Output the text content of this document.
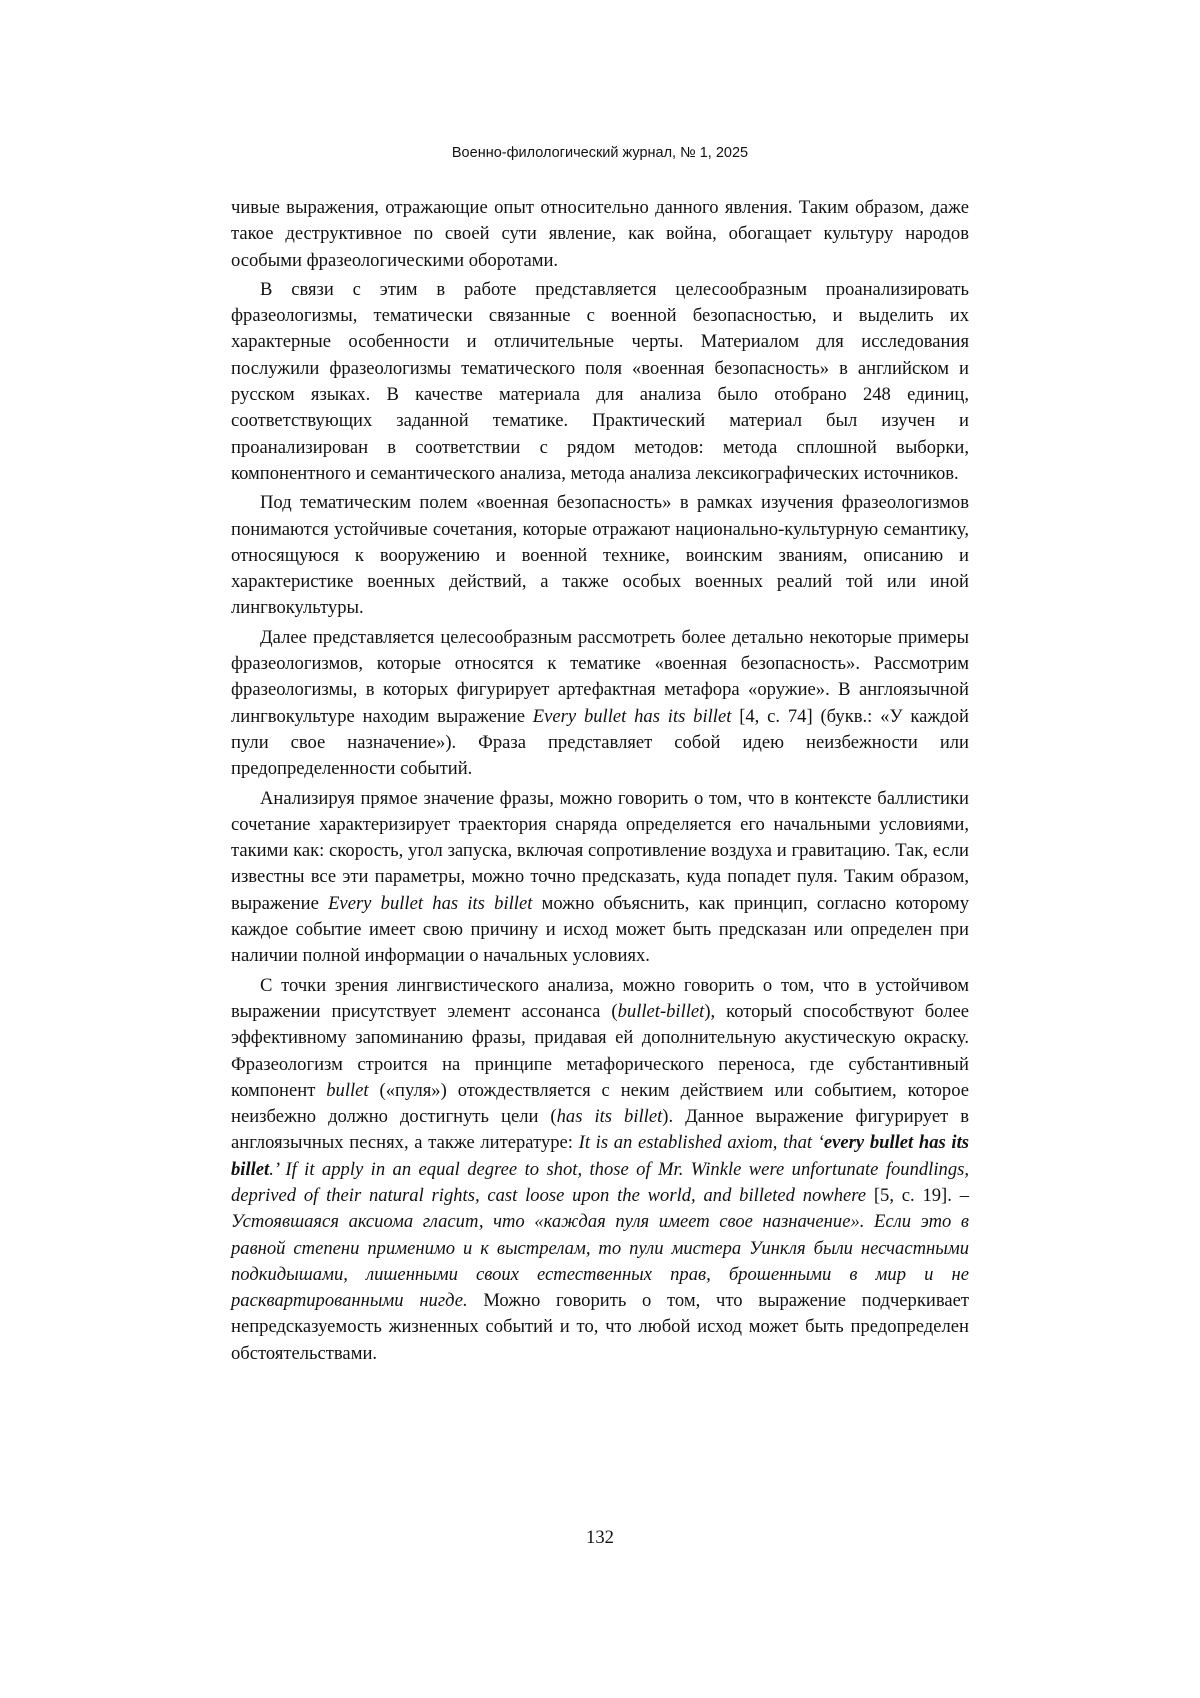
Военно-филологический журнал, № 1, 2025

чивые выражения, отражающие опыт относительно данного явления. Таким образом, даже такое деструктивное по своей сути явление, как война, обогащает культуру народов особыми фразеологическими оборотами.

В связи с этим в работе представляется целесообразным проанализировать фразеологизмы, тематически связанные с военной безопасностью, и выделить их характерные особенности и отличительные черты. Материалом для исследования послужили фразеологизмы тематического поля «военная безопасность» в английском и русском языках. В качестве материала для анализа было отобрано 248 единиц, соответствующих заданной тематике. Практический материал был изучен и проанализирован в соответствии с рядом методов: метода сплошной выборки, компонентного и семантического анализа, метода анализа лексикографических источников.

Под тематическим полем «военная безопасность» в рамках изучения фразеологизмов понимаются устойчивые сочетания, которые отражают национально-культурную семантику, относящуюся к вооружению и военной технике, воинским званиям, описанию и характеристике военных действий, а также особых военных реалий той или иной лингвокультуры.

Далее представляется целесообразным рассмотреть более детально некоторые примеры фразеологизмов, которые относятся к тематике «военная безопасность». Рассмотрим фразеологизмы, в которых фигурирует артефактная метафора «оружие». В англоязычной лингвокультуре находим выражение Every bullet has its billet [4, с. 74] (букв.: «У каждой пули свое назначение»). Фраза представляет собой идею неизбежности или предопределенности событий.

Анализируя прямое значение фразы, можно говорить о том, что в контексте баллистики сочетание характеризирует траектория снаряда определяется его начальными условиями, такими как: скорость, угол запуска, включая сопротивление воздуха и гравитацию. Так, если известны все эти параметры, можно точно предсказать, куда попадет пуля. Таким образом, выражение Every bullet has its billet можно объяснить, как принцип, согласно которому каждое событие имеет свою причину и исход может быть предсказан или определен при наличии полной информации о начальных условиях.

С точки зрения лингвистического анализа, можно говорить о том, что в устойчивом выражении присутствует элемент ассонанса (bullet-billet), который способствуют более эффективному запоминанию фразы, придавая ей дополнительную акустическую окраску. Фразеологизм строится на принципе метафорического переноса, где субстантивный компонент bullet («пуля») отождествляется с неким действием или событием, которое неизбежно должно достигнуть цели (has its billet). Данное выражение фигурирует в англоязычных песнях, а также литературе: It is an established axiom, that ‘every bullet has its billet.’ If it apply in an equal degree to shot, those of Mr. Winkle were unfortunate foundlings, deprived of their natural rights, cast loose upon the world, and billeted nowhere [5, с. 19]. – Устоявшаяся аксиома гласит, что «каждая пуля имеет свое назначение». Если это в равной степени применимо и к выстрелам, то пули мистера Уинкля были несчастными подкидышами, лишенными своих естественных прав, брошенными в мир и не расквартированными нигде. Можно говорить о том, что выражение подчеркивает непредсказуемость жизненных событий и то, что любой исход может быть предопределен обстоятельствами.

132
